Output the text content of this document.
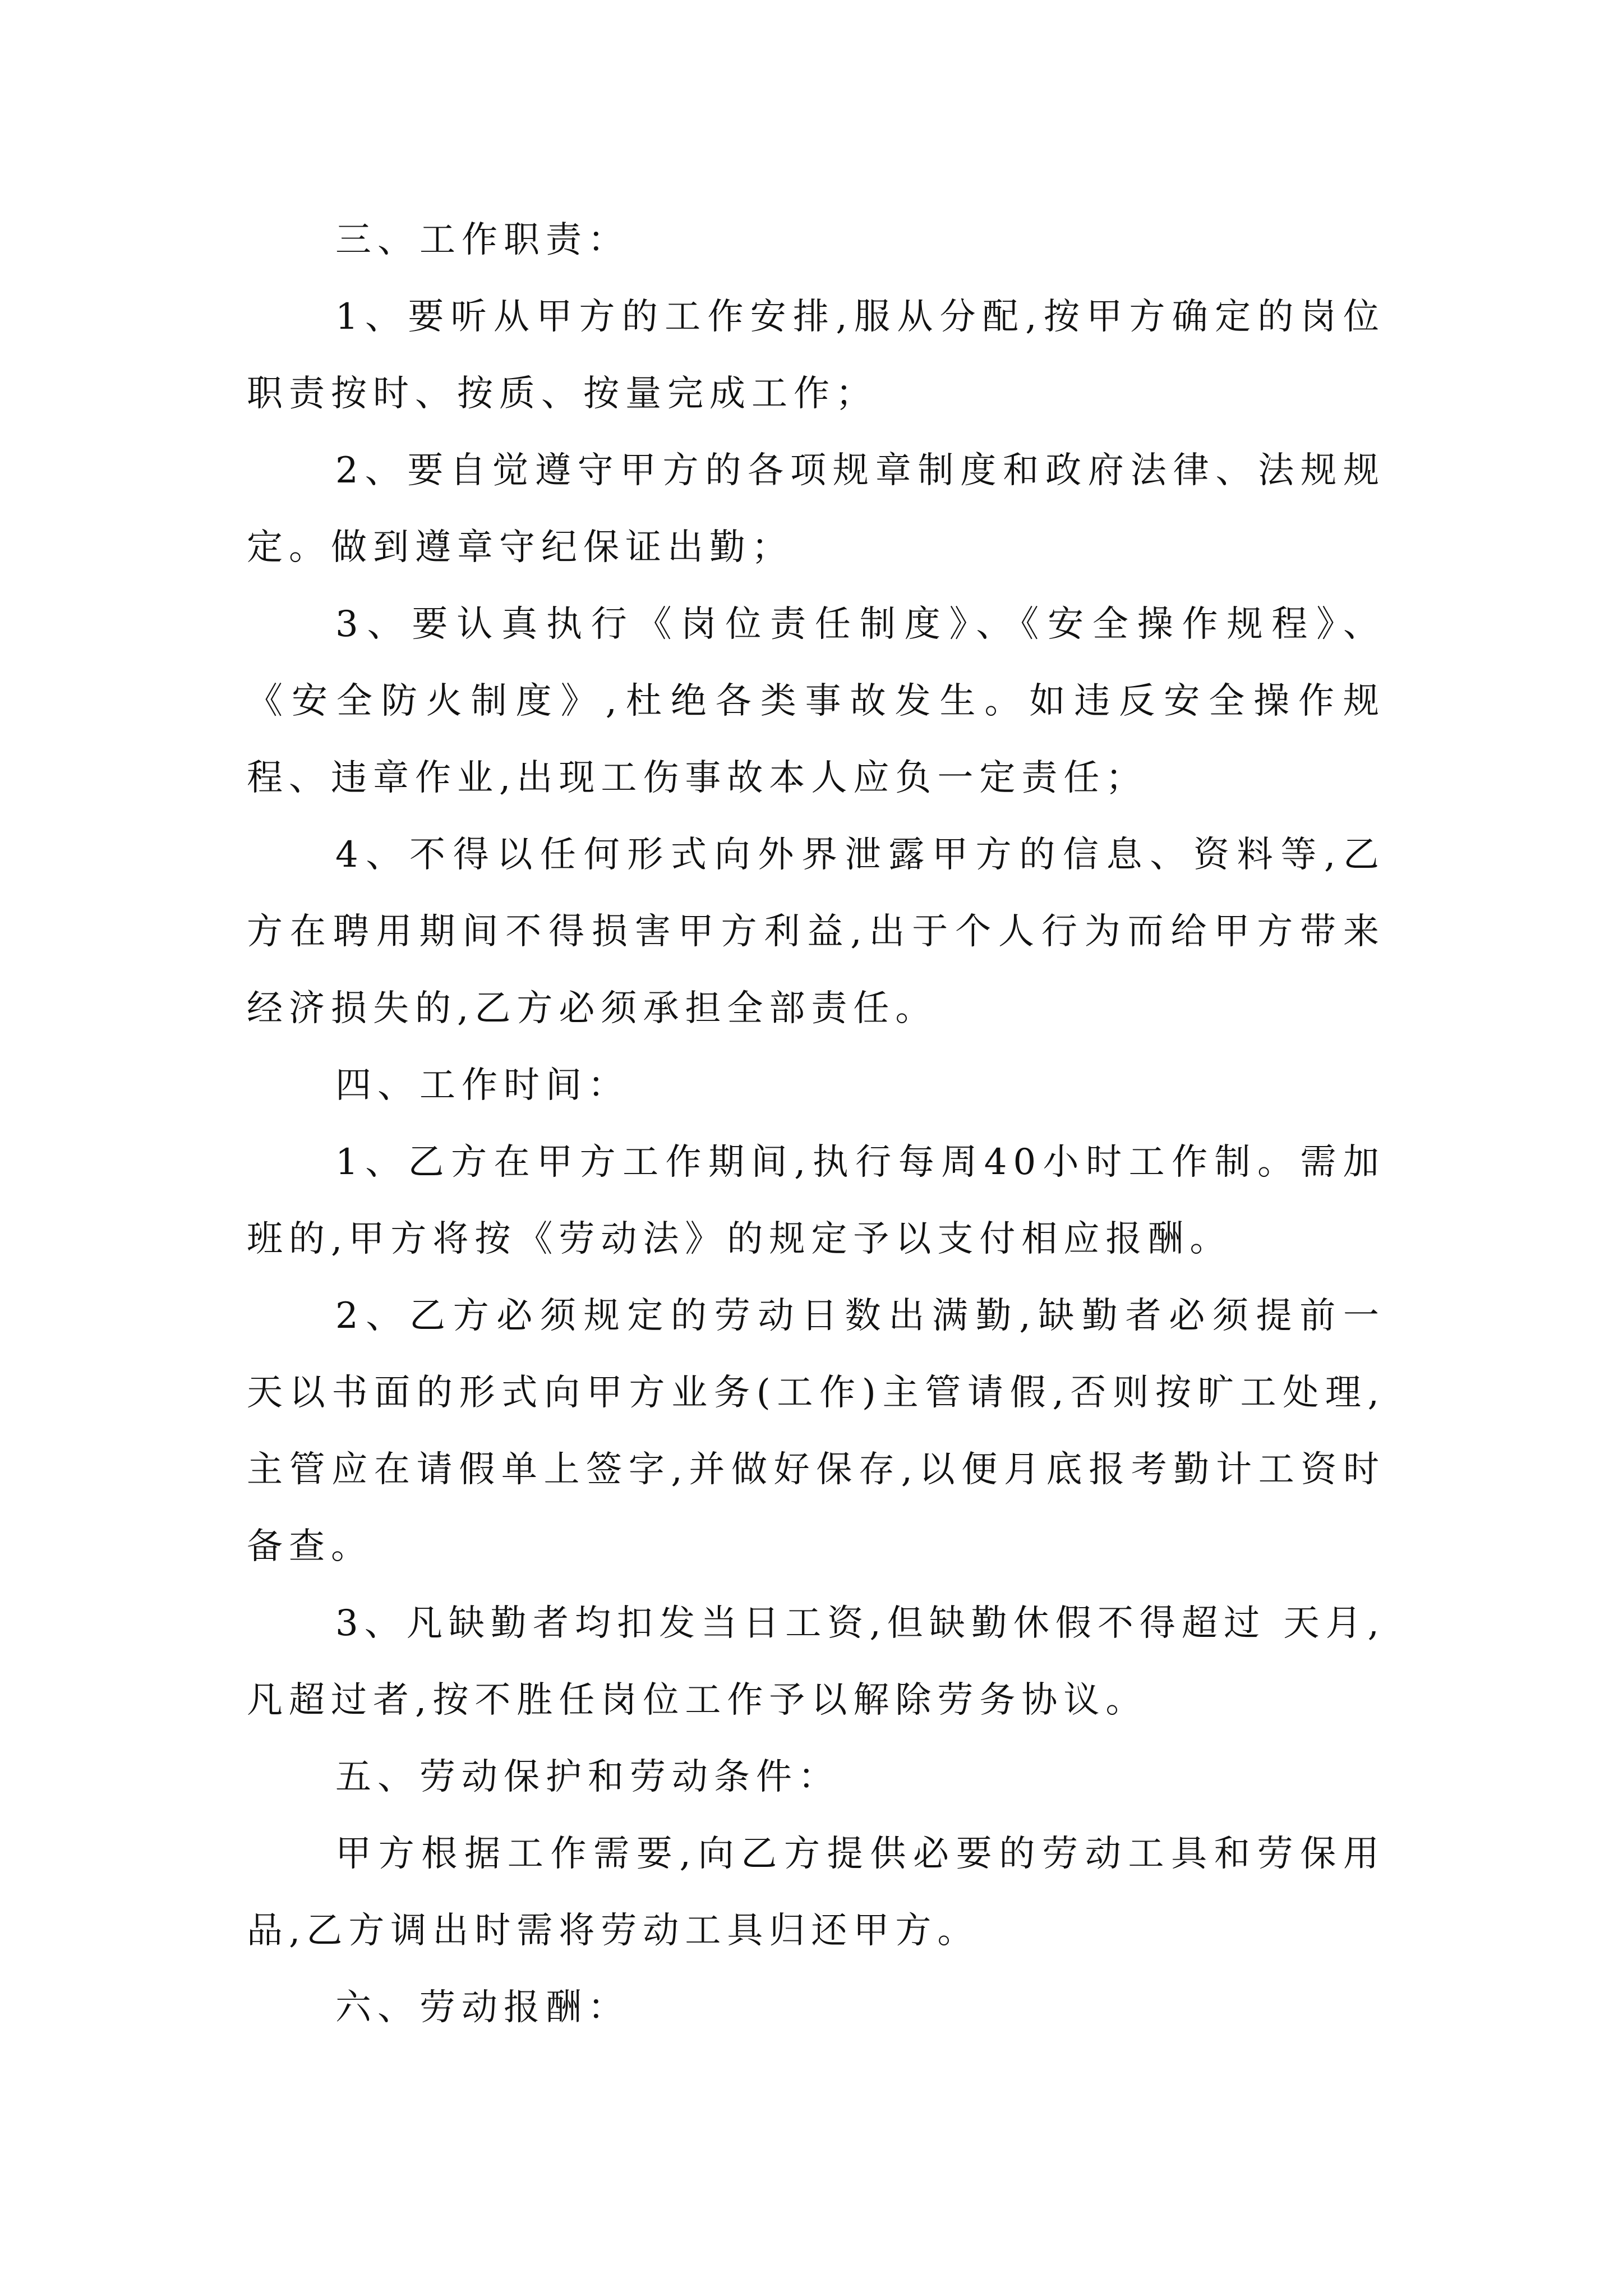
三、工作职责：

1、要听从甲方的工作安排,服从分配,按甲方确定的岗位职责按时、按质、按量完成工作；

2、要自觉遵守甲方的各项规章制度和政府法律、法规规定。做到遵章守纪保证出勤；

3、要认真执行《岗位责任制度》、《安全操作规程》、《安全防火制度》,杜绝各类事故发生。如违反安全操作规程、违章作业,出现工伤事故本人应负一定责任；

4、不得以任何形式向外界泄露甲方的信息、资料等,乙方在聘用期间不得损害甲方利益,出于个人行为而给甲方带来经济损失的,乙方必须承担全部责任。

四、工作时间：

1、乙方在甲方工作期间,执行每周40小时工作制。需加班的,甲方将按《劳动法》的规定予以支付相应报酬。

2、乙方必须规定的劳动日数出满勤,缺勤者必须提前一天以书面的形式向甲方业务(工作)主管请假,否则按旷工处理,主管应在请假单上签字,并做好保存,以便月底报考勤计工资时备查。

3、凡缺勤者均扣发当日工资,但缺勤休假不得超过 天月,凡超过者,按不胜任岗位工作予以解除劳务协议。

五、劳动保护和劳动条件：

甲方根据工作需要,向乙方提供必要的劳动工具和劳保用品,乙方调出时需将劳动工具归还甲方。

六、劳动报酬：
